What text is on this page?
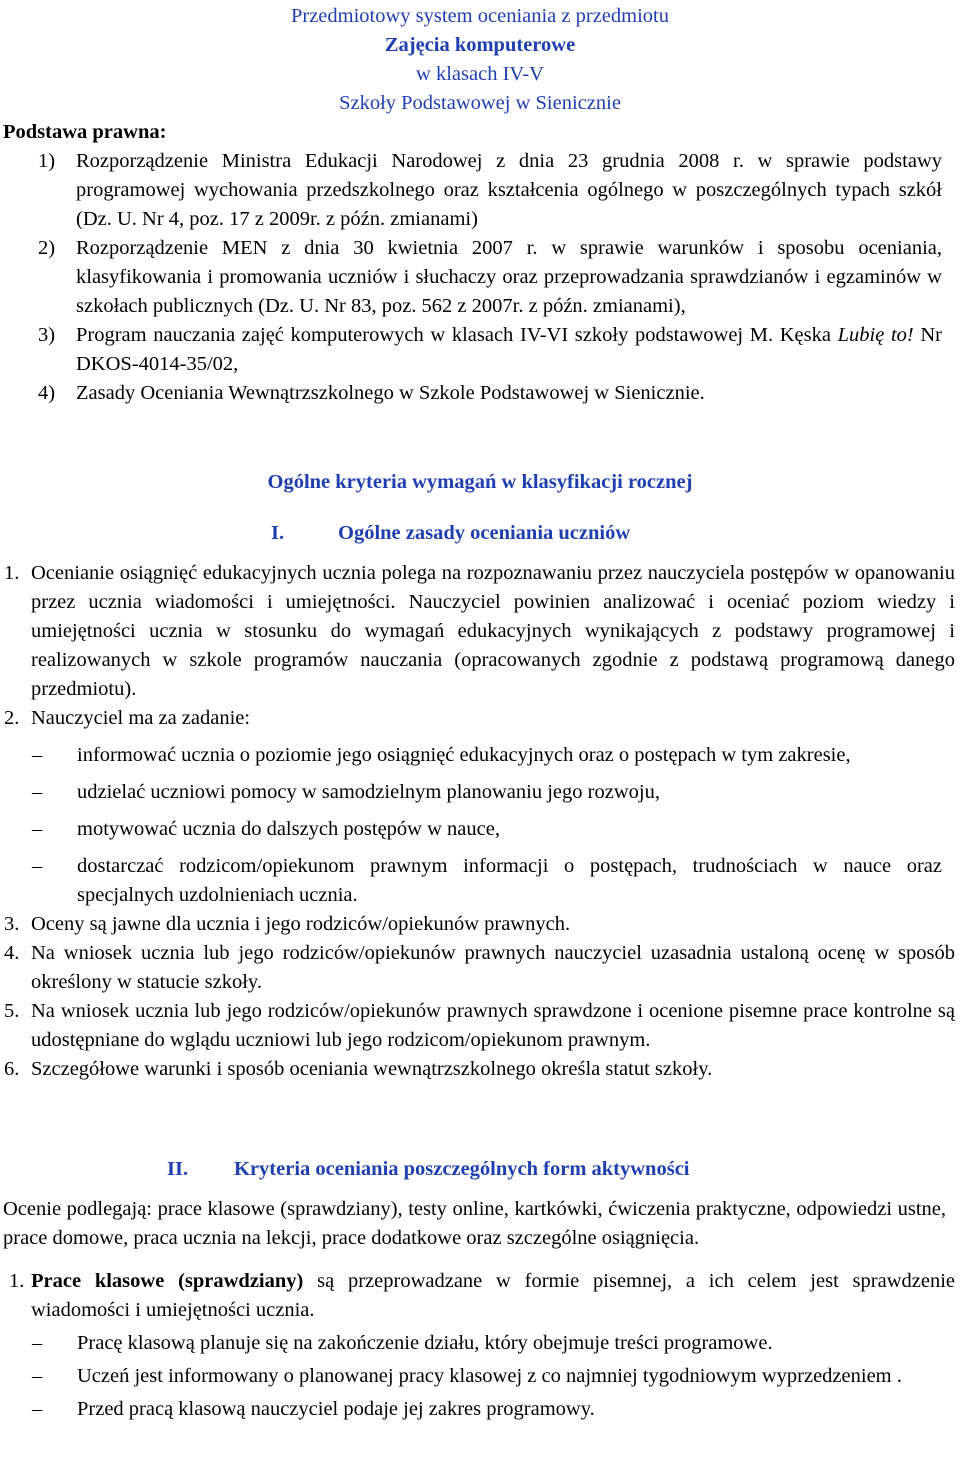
Przedmiotowy system oceniania z przedmiotu
Zajęcia komputerowe
w klasach IV-V
Szkoły Podstawowej w Sienicznie
Podstawa prawna:
1) Rozporządzenie Ministra Edukacji Narodowej z dnia 23 grudnia 2008 r. w sprawie podstawy programowej wychowania przedszkolnego oraz kształcenia ogólnego w poszczególnych typach szkół (Dz. U. Nr 4, poz. 17 z 2009r. z późn. zmianami)
2) Rozporządzenie MEN z dnia 30 kwietnia 2007 r. w sprawie warunków i sposobu oceniania, klasyfikowania i promowania uczniów i słuchaczy oraz przeprowadzania sprawdzianów i egzaminów w szkołach publicznych (Dz. U. Nr 83, poz. 562 z 2007r. z późn. zmianami),
3) Program nauczania zajęć komputerowych w klasach IV-VI szkoły podstawowej M. Kęska Lubię to! Nr DKOS-4014-35/02,
4) Zasady Oceniania Wewnątrzszkolnego w Szkole Podstawowej w Sienicznie.
Ogólne kryteria wymagań w klasyfikacji rocznej
I.	Ogólne zasady oceniania uczniów
1. Ocenianie osiągnięć edukacyjnych ucznia polega na rozpoznawaniu przez nauczyciela postępów w opanowaniu przez ucznia wiadomości i umiejętności. Nauczyciel powinien analizować i oceniać poziom wiedzy i umiejętności ucznia w stosunku do wymagań edukacyjnych wynikających z podstawy programowej i realizowanych w szkole programów nauczania (opracowanych zgodnie z podstawą programową danego przedmiotu).
2. Nauczyciel ma za zadanie:
– informować ucznia o poziomie jego osiągnięć edukacyjnych oraz o postępach w tym zakresie,
– udzielać uczniowi pomocy w samodzielnym planowaniu jego rozwoju,
– motywować ucznia do dalszych postępów w nauce,
– dostarczać rodzicom/opiekunom prawnym informacji o postępach, trudnościach w nauce oraz specjalnych uzdolnieniach ucznia.
3. Oceny są jawne dla ucznia i jego rodziców/opiekunów prawnych.
4. Na wniosek ucznia lub jego rodziców/opiekunów prawnych nauczyciel uzasadnia ustaloną ocenę w sposób określony w statucie szkoły.
5. Na wniosek ucznia lub jego rodziców/opiekunów prawnych sprawdzone i ocenione pisemne prace kontrolne są udostępniane do wglądu uczniowi lub jego rodzicom/opiekunom prawnym.
6. Szczegółowe warunki i sposób oceniania wewnątrzszkolnego określa statut szkoły.
II. Kryteria oceniania poszczególnych form aktywności
Ocenie podlegają: prace klasowe (sprawdziany), testy online, kartkówki, ćwiczenia praktyczne, odpowiedzi ustne, prace domowe, praca ucznia na lekcji, prace dodatkowe oraz szczególne osiągnięcia.
1. Prace klasowe (sprawdziany) są przeprowadzane w formie pisemnej, a ich celem jest sprawdzenie wiadomości i umiejętności ucznia.
– Pracę klasową planuje się na zakończenie działu, który obejmuje treści programowe.
– Uczeń jest informowany o planowanej pracy klasowej z co najmniej tygodniowym wyprzedzeniem .
– Przed pracą klasową nauczyciel podaje jej zakres programowy.
